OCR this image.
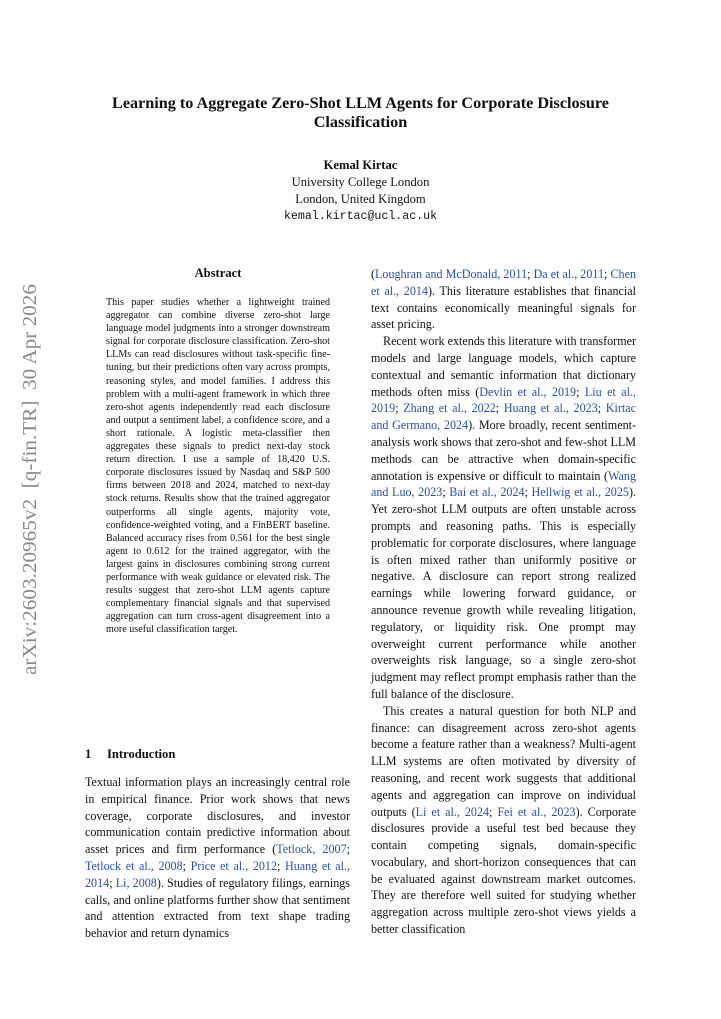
arXiv:2603.20965v2  [q-fin.TR]  30 Apr 2026
Learning to Aggregate Zero-Shot LLM Agents for Corporate Disclosure Classification
Kemal Kirtac
University College London
London, United Kingdom
kemal.kirtac@ucl.ac.uk
Abstract
This paper studies whether a lightweight trained aggregator can combine diverse zero-shot large language model judgments into a stronger downstream signal for corporate disclosure classification. Zero-shot LLMs can read disclosures without task-specific fine-tuning, but their predictions often vary across prompts, reasoning styles, and model families. I address this problem with a multi-agent framework in which three zero-shot agents independently read each disclosure and output a sentiment label, a confidence score, and a short rationale. A logistic meta-classifier then aggregates these signals to predict next-day stock return direction. I use a sample of 18,420 U.S. corporate disclosures issued by Nasdaq and S&P 500 firms between 2018 and 2024, matched to next-day stock returns. Results show that the trained aggregator outperforms all single agents, majority vote, confidence-weighted voting, and a FinBERT baseline. Balanced accuracy rises from 0.561 for the best single agent to 0.612 for the trained aggregator, with the largest gains in disclosures combining strong current performance with weak guidance or elevated risk. The results suggest that zero-shot LLM agents capture complementary financial signals and that supervised aggregation can turn cross-agent disagreement into a more useful classification target.
1 Introduction
Textual information plays an increasingly central role in empirical finance. Prior work shows that news coverage, corporate disclosures, and investor communication contain predictive information about asset prices and firm performance (Tetlock, 2007; Tetlock et al., 2008; Price et al., 2012; Huang et al., 2014; Li, 2008). Studies of regulatory filings, earnings calls, and online platforms further show that sentiment and attention extracted from text shape trading behavior and return dynamics

(Loughran and McDonald, 2011; Da et al., 2011; Chen et al., 2014). This literature establishes that financial text contains economically meaningful signals for asset pricing.

Recent work extends this literature with transformer models and large language models, which capture contextual and semantic information that dictionary methods often miss (Devlin et al., 2019; Liu et al., 2019; Zhang et al., 2022; Huang et al., 2023; Kirtac and Germano, 2024). More broadly, recent sentiment-analysis work shows that zero-shot and few-shot LLM methods can be attractive when domain-specific annotation is expensive or difficult to maintain (Wang and Luo, 2023; Bai et al., 2024; Hellwig et al., 2025). Yet zero-shot LLM outputs are often unstable across prompts and reasoning paths. This is especially problematic for corporate disclosures, where language is often mixed rather than uniformly positive or negative. A disclosure can report strong realized earnings while lowering forward guidance, or announce revenue growth while revealing litigation, regulatory, or liquidity risk. One prompt may overweight current performance while another overweights risk language, so a single zero-shot judgment may reflect prompt emphasis rather than the full balance of the disclosure.

This creates a natural question for both NLP and finance: can disagreement across zero-shot agents become a feature rather than a weakness? Multi-agent LLM systems are often motivated by diversity of reasoning, and recent work suggests that additional agents and aggregation can improve on individual outputs (Li et al., 2024; Fei et al., 2023). Corporate disclosures provide a useful test bed because they contain competing signals, domain-specific vocabulary, and short-horizon consequences that can be evaluated against downstream market outcomes. They are therefore well suited for studying whether aggregation across multiple zero-shot views yields a better classification
